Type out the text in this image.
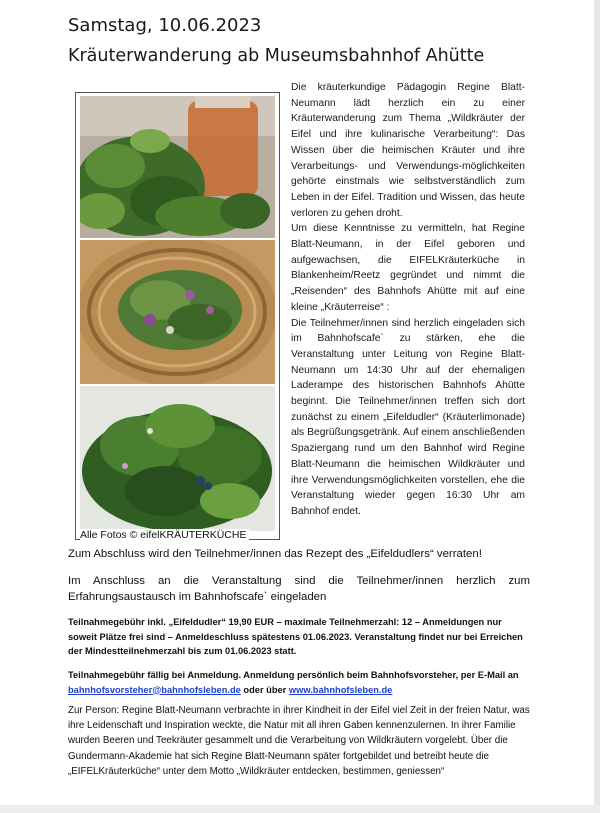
Samstag, 10.06.2023
Kräuterwanderung ab Museumsbahnhof Ahütte
Alle Fotos © eifelKRÄUTERKÜCHE

Die kräuterkundige Pädagogin Regine Blatt-Neumann lädt herzlich ein zu einer Kräuterwanderung zum Thema „Wildkräuter der Eifel und ihre kulinarische Verarbeitung“: Das Wissen über die heimischen Kräuter und ihre Verarbeitungs- und Verwendungs-möglichkeiten gehörte einstmals wie selbstverständlich zum Leben in der Eifel. Tradition und Wissen, das heute verloren zu gehen droht.

Um diese Kenntnisse zu vermitteln, hat Regine Blatt-Neumann, in der Eifel geboren und aufgewachsen, die EIFELKräuterküche in Blankenheim/Reetz gegründet und nimmt die „Reisenden“ des Bahnhofs Ahütte mit auf eine kleine „Kräuterreise“ :

Die Teilnehmer/innen sind herzlich eingeladen sich im Bahnhofscafe` zu stärken, ehe die Veranstaltung unter Leitung von Regine Blatt-Neumann um 14:30 Uhr auf der ehemaligen Laderampe des historischen Bahnhofs Ahütte beginnt. Die Teilnehmer/innen treffen sich dort zunächst zu einem „Eifeldudler“ (Kräuterlimonade) als Begrüßungsgetränk. Auf einem anschließenden Spaziergang rund um den Bahnhof wird Regine Blatt-Neumann die heimischen Wildkräuter und ihre Verwendungsmöglichkeiten vorstellen, ehe die Veranstaltung wieder gegen 16:30 Uhr am Bahnhof endet.

Zum Abschluss wird den Teilnehmer/innen das Rezept des „Eifeldudlers“ verraten!
Im Anschluss an die Veranstaltung sind die Teilnehmer/innen herzlich zum Erfahrungsaustausch im Bahnhofscafe` eingeladen
Teilnahmegebühr inkl. „Eifeldudler“ 19,90 EUR – maximale Teilnehmerzahl: 12 – Anmeldungen nur soweit Plätze frei sind – Anmeldeschluss spätestens 01.06.2023. Veranstaltung findet nur bei Erreichen der Mindestteilnehmerzahl bis zum 01.06.2023 statt.
Teilnahmegebühr fällig bei Anmeldung. Anmeldung persönlich beim Bahnhofsvorsteher, per E-Mail an bahnhofsvorsteher@bahnhofsleben.de oder über www.bahnhofsleben.de
Zur Person: Regine Blatt-Neumann verbrachte in ihrer Kindheit in der Eifel viel Zeit in der freien Natur, was ihre Leidenschaft und Inspiration weckte, die Natur mit all ihren Gaben kennenzulernen. In ihrer Familie wurden Beeren und Teekräuter gesammelt und die Verarbeitung von Wildkräutern vorgelebt. Über die Gundermann-Akademie hat sich Regine Blatt-Neumann später fortgebildet und betreibt heute die „EIFELKräuterküche“ unter dem Motto „Wildkräuter entdecken, bestimmen, geniessen“
